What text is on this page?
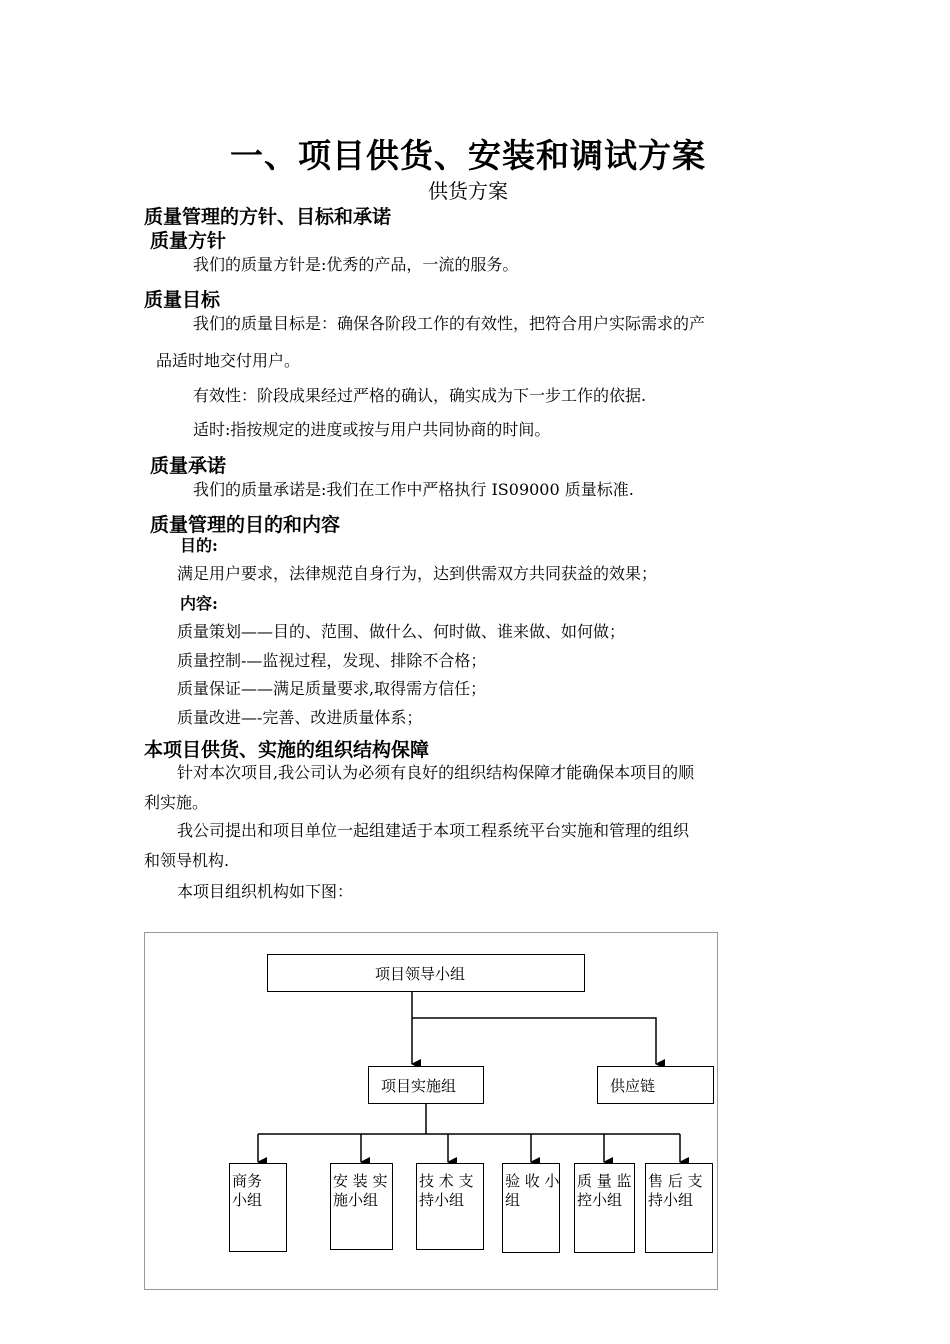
一、项目供货、安装和调试方案
供货方案
质量管理的方针、目标和承诺
质量方针
我们的质量方针是:优秀的产品，一流的服务。
质量目标
我们的质量目标是：确保各阶段工作的有效性，把符合用户实际需求的产
品适时地交付用户。
有效性：阶段成果经过严格的确认，确实成为下一步工作的依据.
适时:指按规定的进度或按与用户共同协商的时间。
质量承诺
我们的质量承诺是:我们在工作中严格执行 IS09000 质量标准.
质量管理的目的和内容
目的:
满足用户要求，法律规范自身行为，达到供需双方共同获益的效果；
内容:
质量策划——目的、范围、做什么、何时做、谁来做、如何做；
质量控制-—监视过程，发现、排除不合格；
质量保证——满足质量要求,取得需方信任；
质量改进—-完善、改进质量体系；
本项目供货、实施的组织结构保障
针对本次项目,我公司认为必须有良好的组织结构保障才能确保本项目的顺
利实施。
我公司提出和项目单位一起组建适于本项工程系统平台实施和管理的组织
和领导机构.
本项目组织机构如下图：
项目领导小组
项目实施组	供应链
商务
小组
安 装 实
施小组
技 术 支
持小组
验 收 小
组
质 量 监
控小组
售 后 支
持小组
